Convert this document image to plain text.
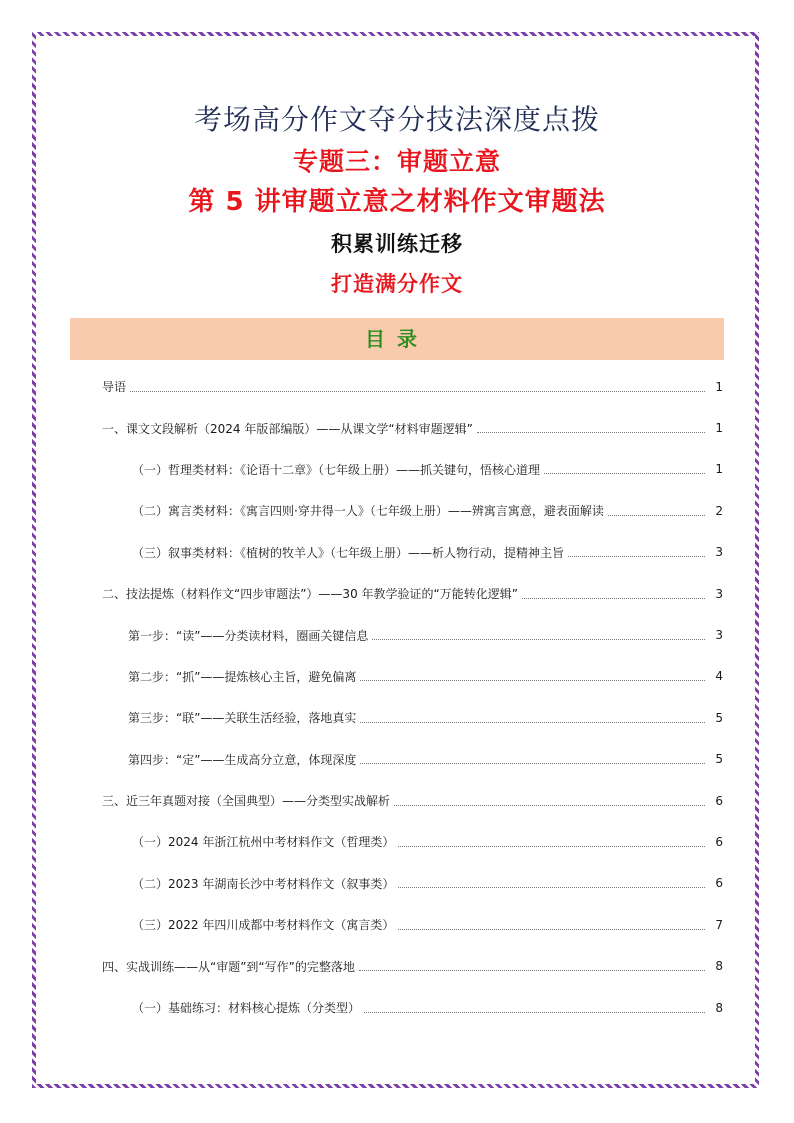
考场高分作文夺分技法深度点拨
专题三：审题立意
第 5 讲审题立意之材料作文审题法
积累训练迁移
打造满分作文
目录
导语	1
一、课文文段解析（2024 年版部编版）——从课文学“材料审题逻辑”	1
（一）哲理类材料：《论语十二章》（七年级上册）——抓关键句，悟核心道理	1
（二）寓言类材料：《寓言四则·穿井得一人》（七年级上册）——辨寓言寓意，避表面解读	2
（三）叙事类材料：《植树的牧羊人》（七年级上册）——析人物行动，提精神主旨	3
二、技法提炼（材料作文“四步审题法”）——30 年教学验证的“万能转化逻辑”	3
第一步：“读”——分类读材料，圈画关键信息	3
第二步：“抓”——提炼核心主旨，避免偏离	4
第三步：“联”——关联生活经验，落地真实	5
第四步：“定”——生成高分立意，体现深度	5
三、近三年真题对接（全国典型）——分类型实战解析	6
（一）2024 年浙江杭州中考材料作文（哲理类）	6
（二）2023 年湖南长沙中考材料作文（叙事类）	6
（三）2022 年四川成都中考材料作文（寓言类）	7
四、实战训练——从“审题”到“写作”的完整落地	8
（一）基础练习：材料核心提炼（分类型）	8
